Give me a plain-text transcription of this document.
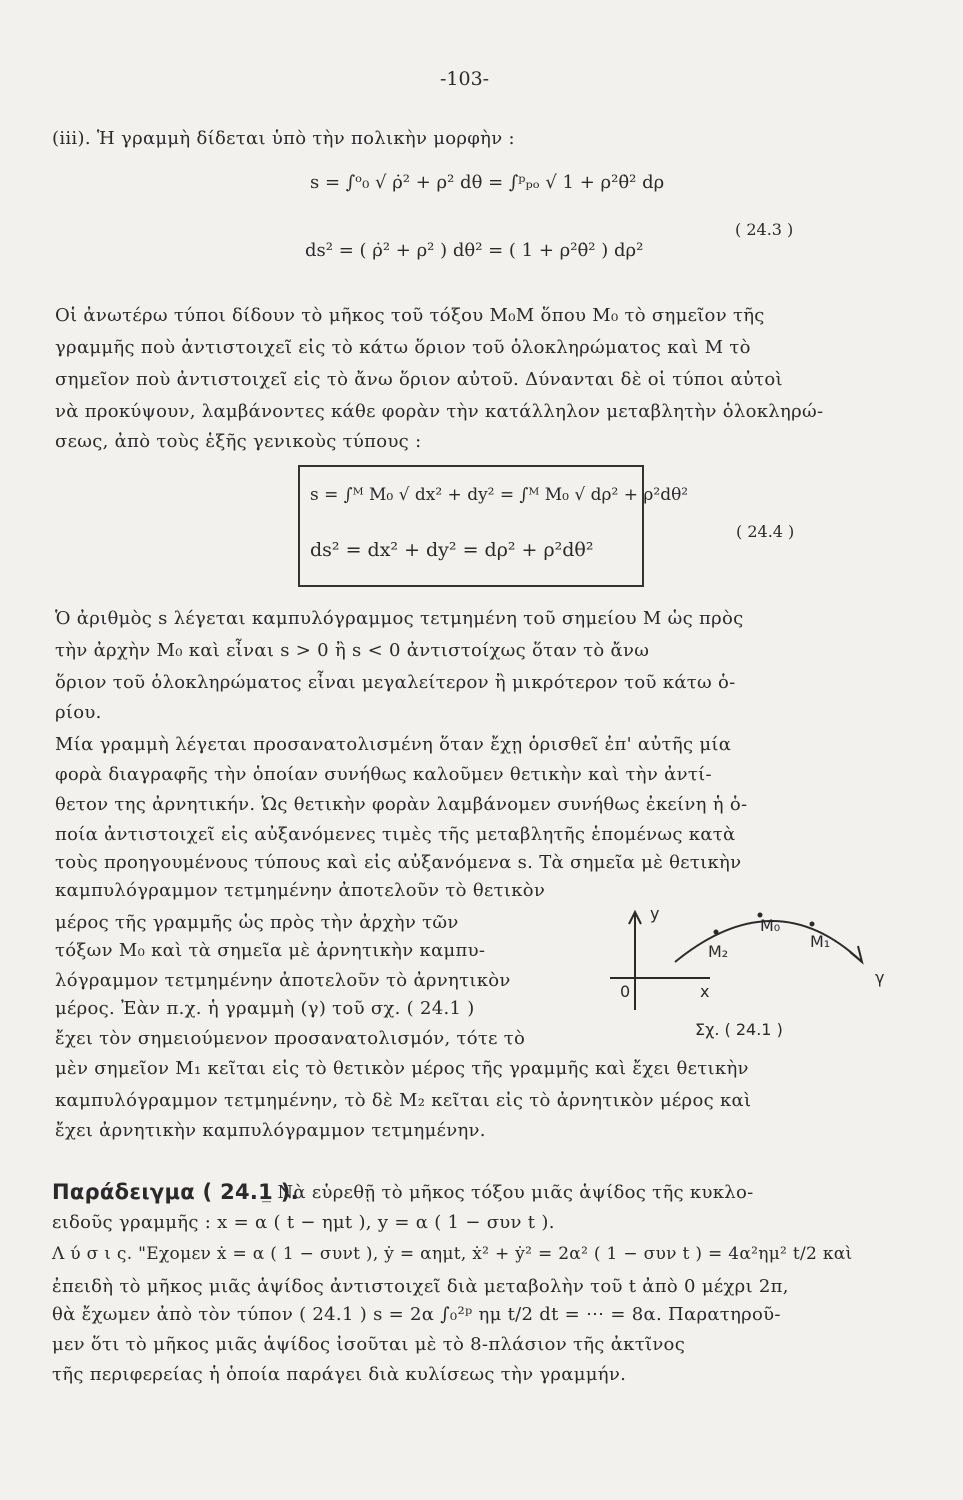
-103-
(iii). Ἡ γραμμὴ δίδεται ὑπὸ τὴν πολικὴν μορφὴν :
s = ∫ᵒ₀ √ ρ̇² + ρ² dθ = ∫ᵖₚₒ √ 1 + ρ²θ̇² dρ
( 24.3 )
ds² = ( ρ̇² + ρ² ) dθ² = ( 1 + ρ²θ̇² ) dρ²
Οἱ ἀνωτέρω τύποι δίδουν τὸ μῆκος τοῦ τόξου M₀M ὅπου M₀ τὸ σημεῖον τῆς
γραμμῆς ποὺ ἀντιστοιχεῖ εἰς τὸ κάτω ὅριον τοῦ ὁλοκληρώματος καὶ Μ τὸ
σημεῖον ποὺ ἀντιστοιχεῖ εἰς τὸ ἄνω ὅριον αὐτοῦ. Δύνανται δὲ οἱ τύποι αὐτοὶ
νὰ προκύψουν, λαμβάνοντες κάθε φορὰν τὴν κατάλληλον μεταβλητὴν ὁλοκληρώ-
σεως, ἀπὸ τοὺς ἑξῆς γενικοὺς τύπους :
s = ∫ᴹ M₀ √ dx² + dy² = ∫ᴹ M₀ √ dρ² + ρ²dθ²
ds² = dx² + dy² = dρ² + ρ²dθ²
( 24.4 )
Ὁ ἀριθμὸς s λέγεται καμπυλόγραμμος τετμημένη τοῦ σημείου Μ ὡς πρὸς
τὴν ἀρχὴν M₀ καὶ εἶναι s > 0 ἢ s < 0 ἀντιστοίχως ὅταν τὸ ἄνω
ὅριον τοῦ ὁλοκληρώματος εἶναι μεγαλείτερον ἢ μικρότερον τοῦ κάτω ὁ-
ρίου.
Μία γραμμὴ λέγεται προσανατολισμένη ὅταν ἔχῃ ὁρισθεῖ ἐπ' αὐτῆς μία
φορὰ διαγραφῆς τὴν ὁποίαν συνήθως καλοῦμεν θετικὴν καὶ τὴν ἀντί-
θετον της ἀρνητικήν. Ὡς θετικὴν φορὰν λαμβάνομεν συνήθως ἐκείνη ἡ ὁ-
ποία ἀντιστοιχεῖ εἰς αὐξανόμενες τιμὲς τῆς μεταβλητῆς ἑπομένως κατὰ
τοὺς προηγουμένους τύπους καὶ εἰς αὐξανόμενα s. Τὰ σημεῖα μὲ θετικὴν
καμπυλόγραμμον τετμημένην ἀποτελοῦν τὸ θετικὸν
μέρος τῆς γραμμῆς ὡς πρὸς τὴν ἀρχὴν τῶν
τόξων M₀ καὶ τὰ σημεῖα μὲ ἀρνητικὴν καμπυ-
λόγραμμον τετμημένην ἀποτελοῦν τὸ ἀρνητικὸν
μέρος. Ἐὰν π.χ. ἡ γραμμὴ (γ) τοῦ σχ. ( 24.1 )
ἔχει τὸν σημειούμενον προσανατολισμόν, τότε τὸ
μὲν σημεῖον M₁ κεῖται εἰς τὸ θετικὸν μέρος τῆς γραμμῆς καὶ ἔχει θετικὴν
καμπυλόγραμμον τετμημένην, τὸ δὲ M₂ κεῖται εἰς τὸ ἀρνητικὸν μέρος καὶ
ἔχει ἀρνητικὴν καμπυλόγραμμον τετμημένην.
y
0	x
M₀
M₁
M₂
γ
Σχ. ( 24.1 )
Παράδειγμα ( 24.1 ).
_ Νὰ εὑρεθῇ τὸ μῆκος τόξου μιᾶς ἁψίδος τῆς κυκλο-
ειδοῦς γραμμῆς : x = α ( t − ημt ), y = α ( 1 − συν t ).
Λ ύ σ ι ς. "Εχομεν ẋ = α ( 1 − συνt ), ẏ = αημt, ẋ² + ẏ² = 2α² ( 1 − συν t ) = 4α²ημ² t/2 καὶ
ἐπειδὴ τὸ μῆκος μιᾶς ἁψίδος ἀντιστοιχεῖ διὰ μεταβολὴν τοῦ t ἀπὸ 0 μέχρι 2π,
θὰ ἔχωμεν ἀπὸ τὸν τύπον ( 24.1 ) s = 2α ∫₀²ᵖ ημ t/2 dt = ⋯ = 8α. Παρατηροῦ-
μεν ὅτι τὸ μῆκος μιᾶς ἁψίδος ἰσοῦται μὲ τὸ 8-πλάσιον τῆς ἀκτῖνος
τῆς περιφερείας ἡ ὁποία παράγει διὰ κυλίσεως τὴν γραμμήν.
